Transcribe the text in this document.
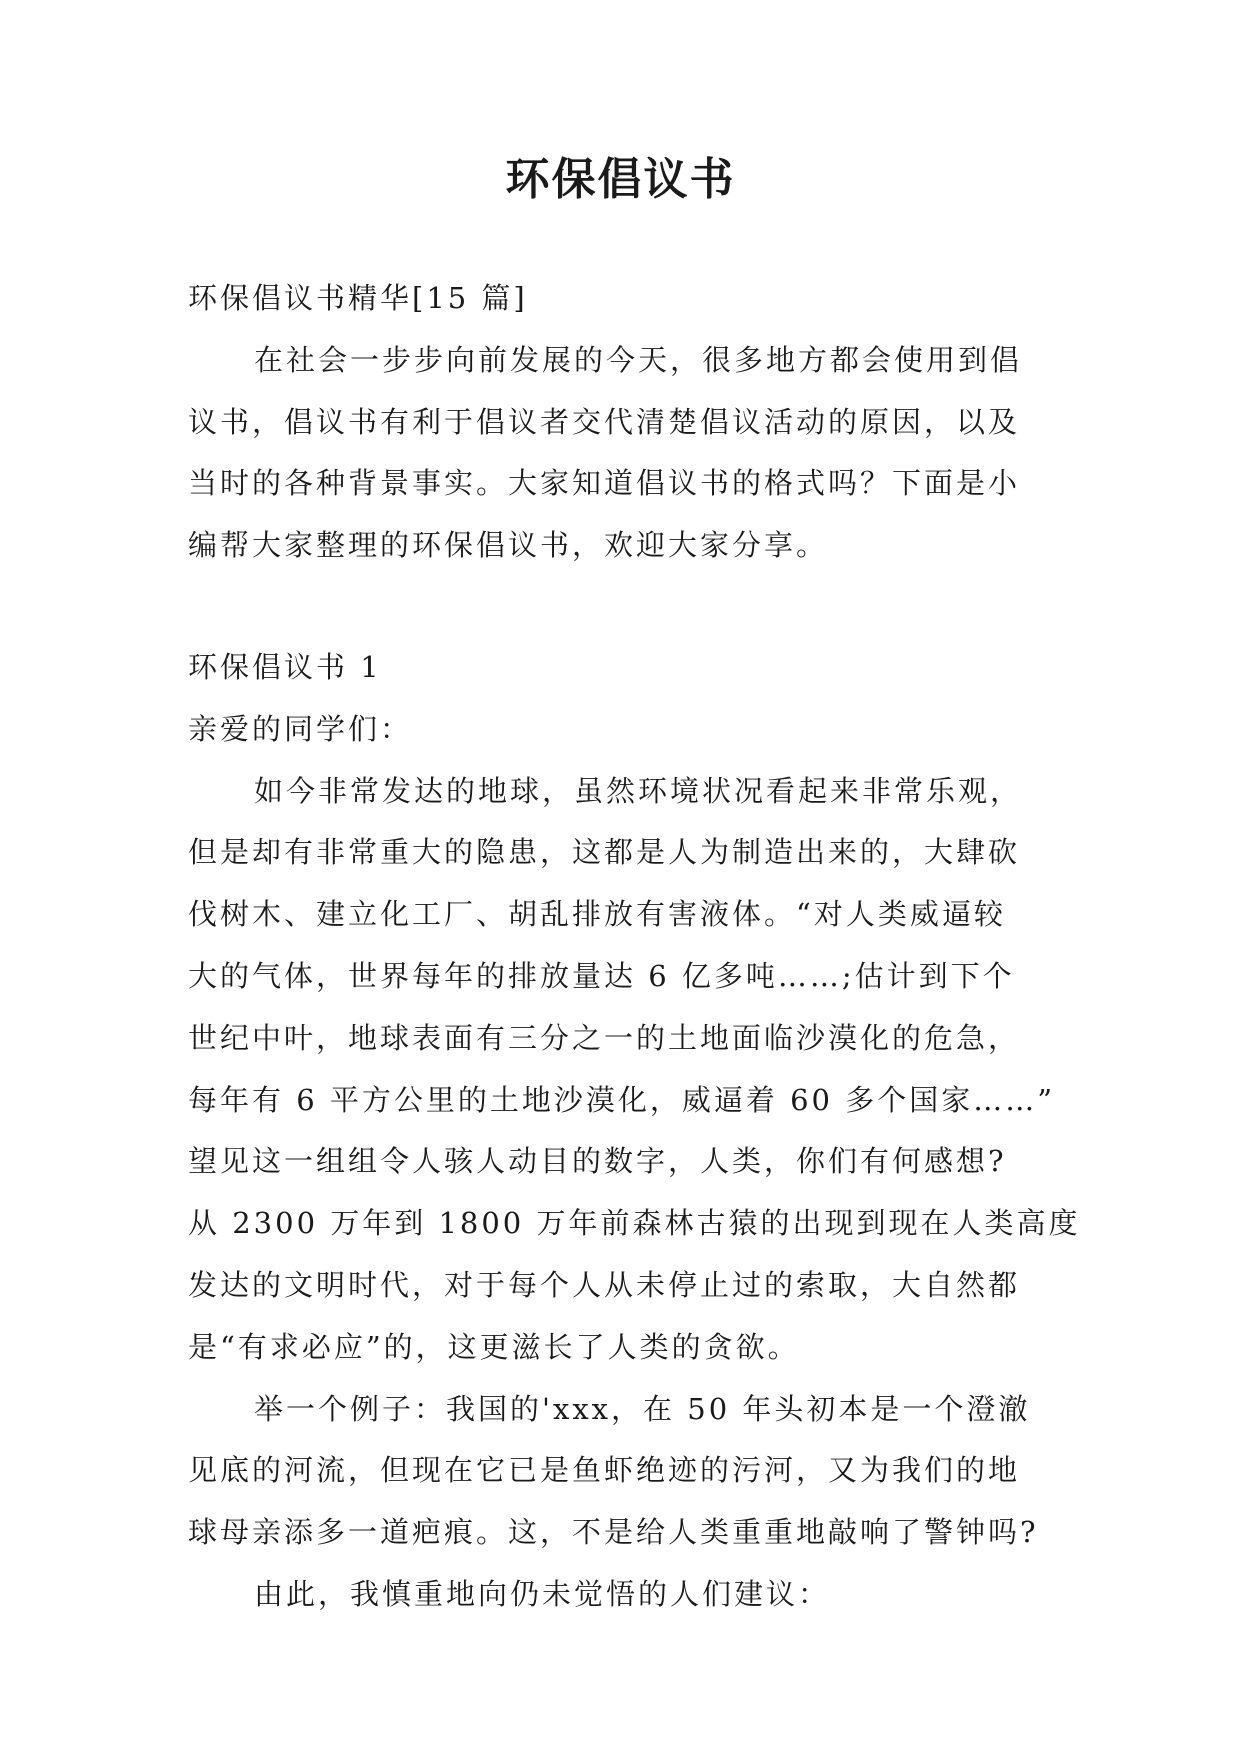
环保倡议书
环保倡议书精华[15 篇]
在社会一步步向前发展的今天，很多地方都会使用到倡
议书，倡议书有利于倡议者交代清楚倡议活动的原因，以及
当时的各种背景事实。大家知道倡议书的格式吗？下面是小
编帮大家整理的环保倡议书，欢迎大家分享。
环保倡议书 1
亲爱的同学们：
如今非常发达的地球，虽然环境状况看起来非常乐观，
但是却有非常重大的隐患，这都是人为制造出来的，大肆砍
伐树木、建立化工厂、胡乱排放有害液体。“对人类威逼较
大的气体，世界每年的排放量达 6 亿多吨……;估计到下个
世纪中叶，地球表面有三分之一的土地面临沙漠化的危急，
每年有 6 平方公里的土地沙漠化，威逼着 60 多个国家……”
望见这一组组令人骇人动目的数字，人类，你们有何感想?
从 2300 万年到 1800 万年前森林古猿的出现到现在人类高度
发达的文明时代，对于每个人从未停止过的索取，大自然都
是“有求必应”的，这更滋长了人类的贪欲。
举一个例子：我国的'xxx，在 50 年头初本是一个澄澈
见底的河流，但现在它已是鱼虾绝迹的污河，又为我们的地
球母亲添多一道疤痕。这，不是给人类重重地敲响了警钟吗?
由此，我慎重地向仍未觉悟的人们建议：
